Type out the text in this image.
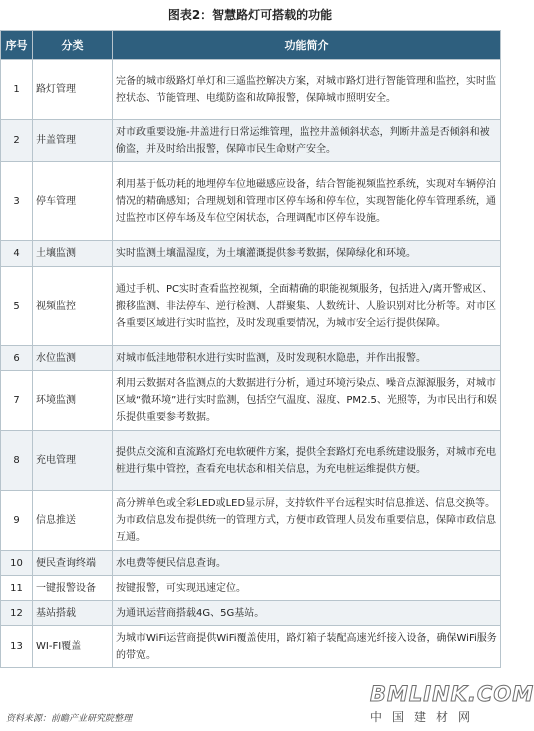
图表2：智慧路灯可搭载的功能
序号	分类	功能简介
1	路灯管理	完备的城市级路灯单灯和三遥监控解决方案，对城市路灯进行智能管理和监控，实时监控状态、节能管理、电缆防盗和故障报警，保障城市照明安全。
2	井盖管理	对市政重要设施-井盖进行日常运维管理，监控井盖倾斜状态，判断井盖是否倾斜和被偷盗，并及时给出报警，保障市民生命财产安全。
3	停车管理	利用基于低功耗的地埋停车位地磁感应设备，结合智能视频监控系统，实现对车辆停泊情况的精确感知；合理规划和管理市区停车场和停车位，实现智能化停车管理系统，通过监控市区停车场及车位空闲状态，合理调配市区停车设施。
4	土壤监测	实时监测土壤温湿度，为土壤灌溉提供参考数据，保障绿化和环境。
5	视频监控	通过手机、PC实时查看监控视频，全面精确的职能视频服务，包括进入/离开警戒区、搬移监测、非法停车、逆行检测、人群聚集、人数统计、人脸识别对比分析等。对市区各重要区域进行实时监控，及时发现重要情况，为城市安全运行提供保障。
6	水位监测	对城市低洼地带积水进行实时监测，及时发现积水隐患，并作出报警。
7	环境监测	利用云数据对各监测点的大数据进行分析，通过环境污染点、噪音点源源服务，对城市区域“微环境”进行实时监测，包括空气温度、湿度、PM2.5、光照等，为市民出行和娱乐提供重要参考数据。
8	充电管理	提供点交流和直流路灯充电软硬件方案，提供全套路灯充电系统建设服务，对城市充电桩进行集中管控，查看充电状态和相关信息，为充电桩运维提供方便。
9	信息推送	高分辨单色或全彩LED或LED显示屏，支持软件平台远程实时信息推送、信息交换等。为市政信息发布提供统一的管理方式，方便市政管理人员发布重要信息，保障市政信息互通。
10	便民查询终端	水电费等便民信息查询。
11	一键报警设备	按键报警，可实现迅速定位。
12	基站搭载	为通讯运营商搭载4G、5G基站。
13	WI-FI覆盖	为城市WiFi运营商提供WiFi覆盖使用，路灯箱子装配高速光纤接入设备，确保WiFi服务的带宽。
资料来源：前瞻产业研究院整理
BMLINK.COM
中国建材网
